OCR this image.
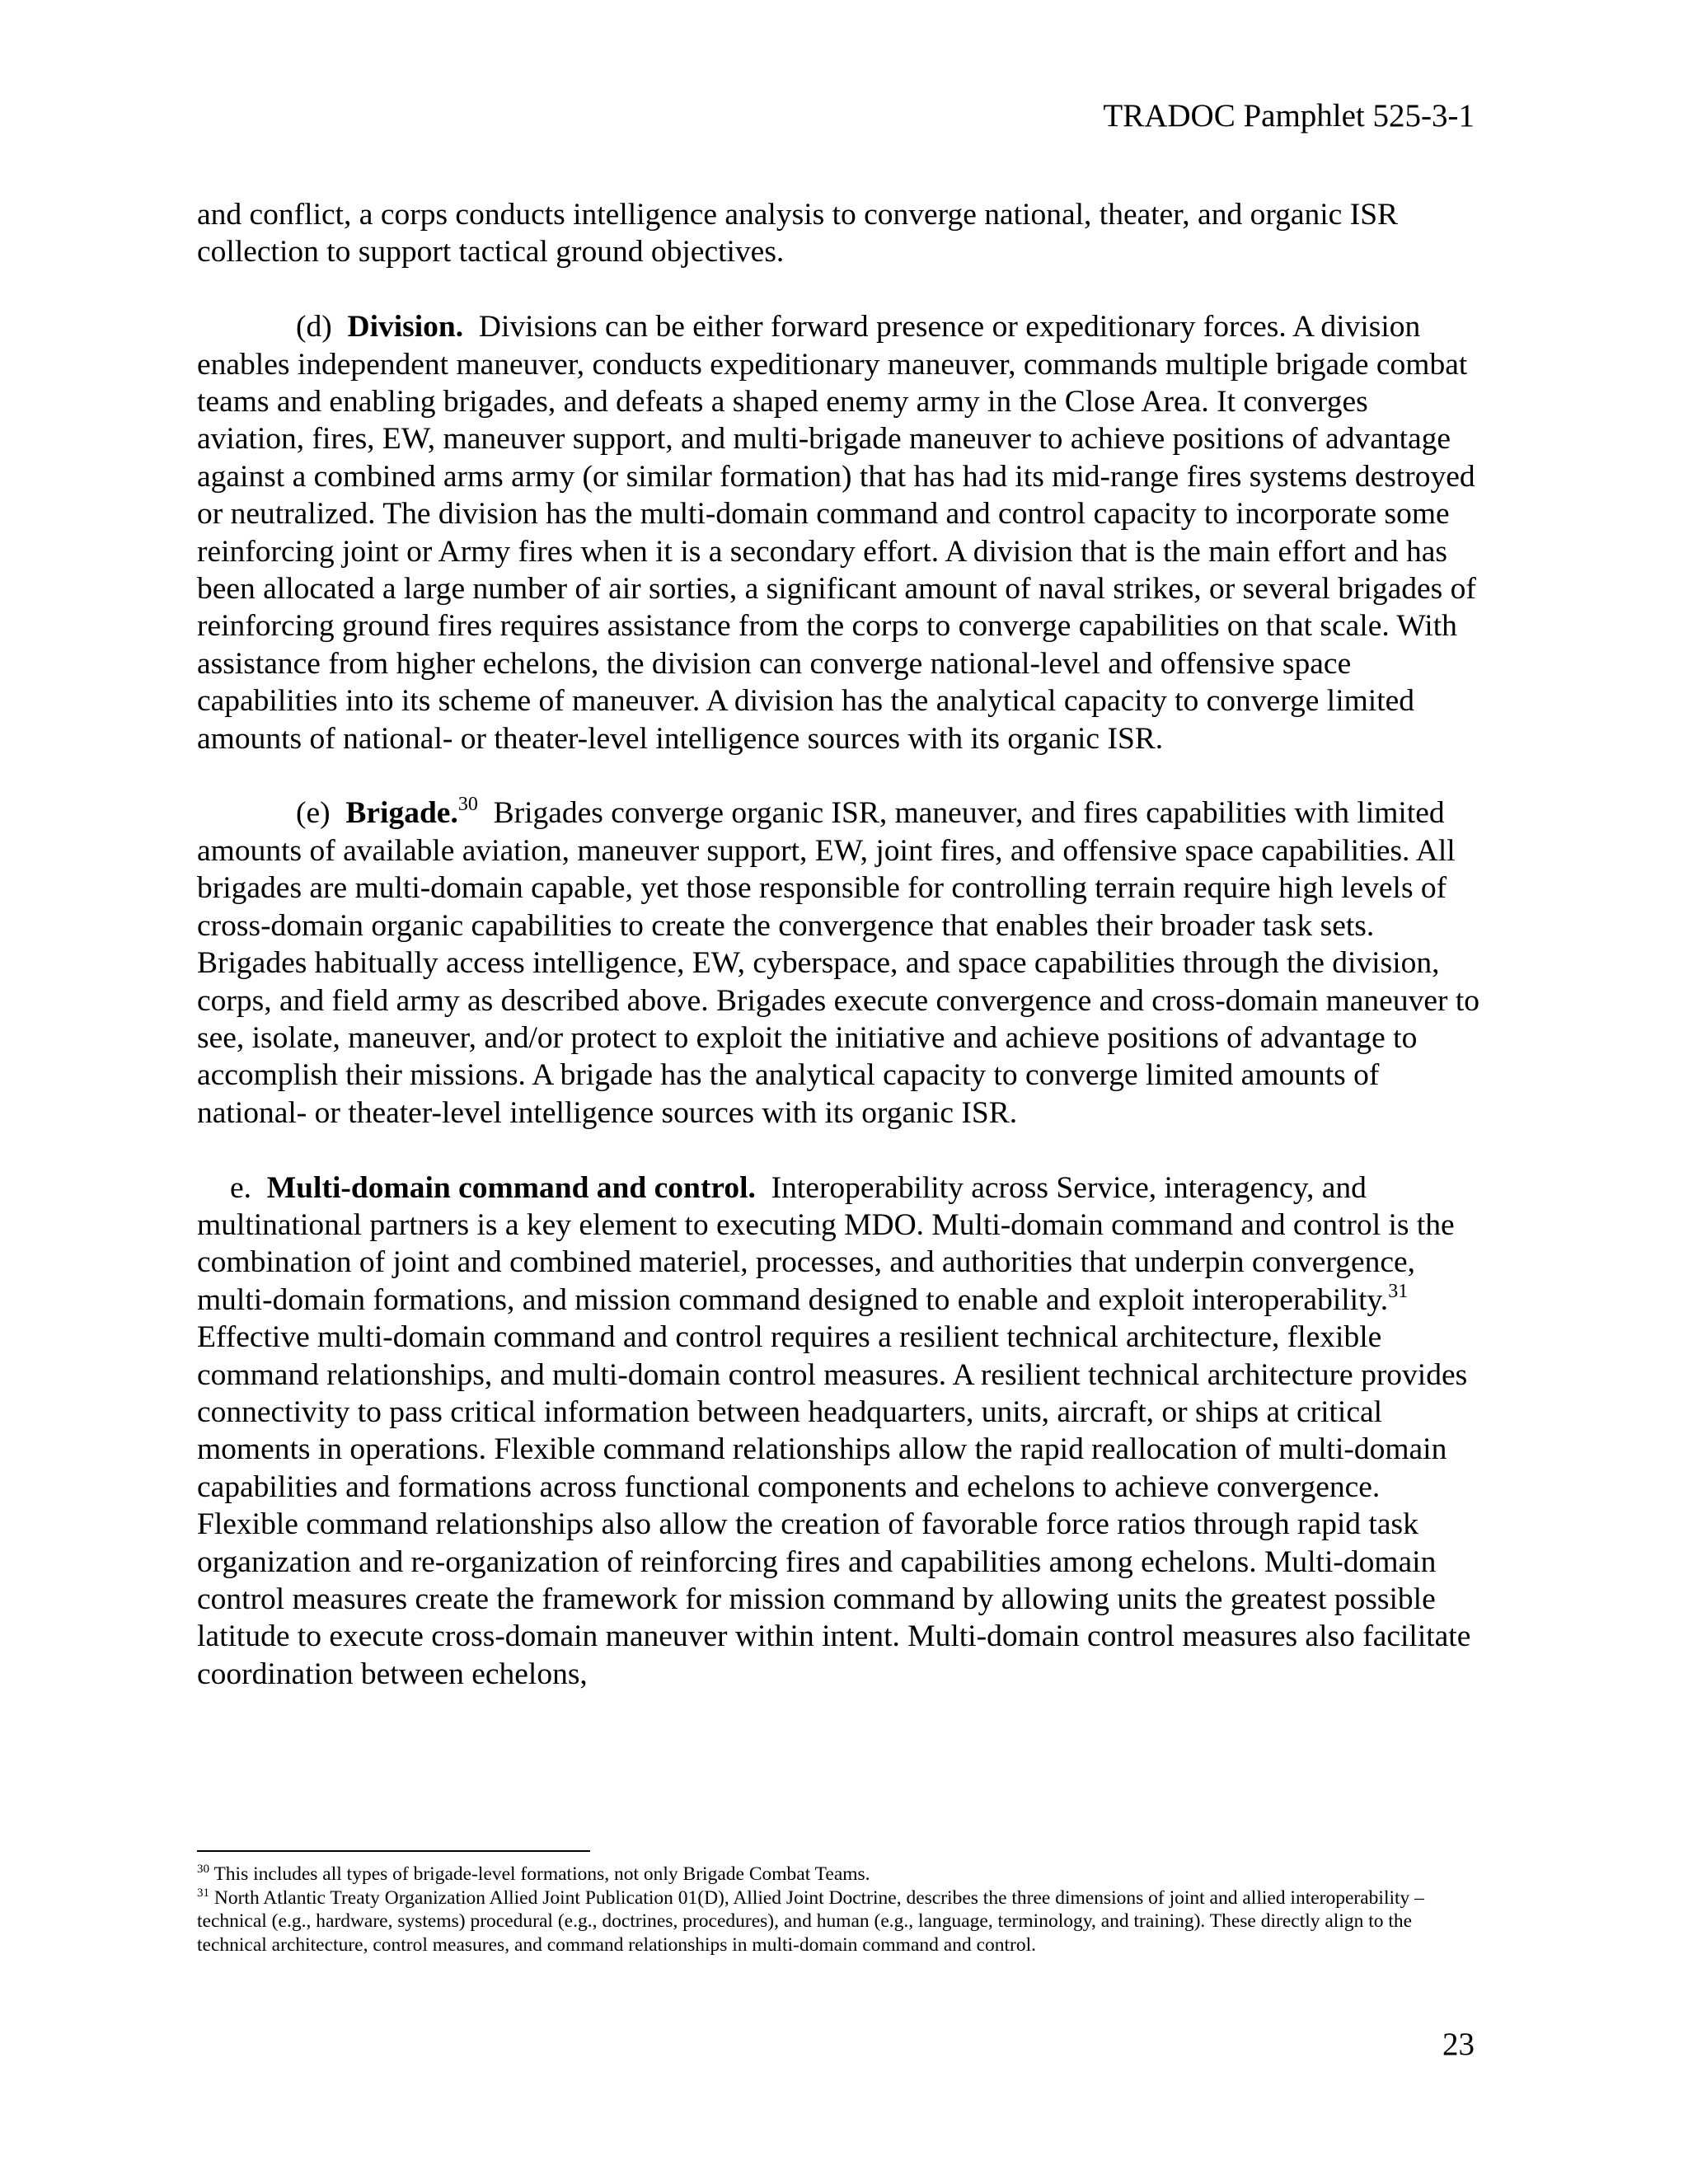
TRADOC Pamphlet 525-3-1

and conflict, a corps conducts intelligence analysis to converge national, theater, and organic ISR collection to support tactical ground objectives.

(d) Division. Divisions can be either forward presence or expeditionary forces. A division enables independent maneuver, conducts expeditionary maneuver, commands multiple brigade combat teams and enabling brigades, and defeats a shaped enemy army in the Close Area. It converges aviation, fires, EW, maneuver support, and multi-brigade maneuver to achieve positions of advantage against a combined arms army (or similar formation) that has had its mid-range fires systems destroyed or neutralized. The division has the multi-domain command and control capacity to incorporate some reinforcing joint or Army fires when it is a secondary effort. A division that is the main effort and has been allocated a large number of air sorties, a significant amount of naval strikes, or several brigades of reinforcing ground fires requires assistance from the corps to converge capabilities on that scale. With assistance from higher echelons, the division can converge national-level and offensive space capabilities into its scheme of maneuver. A division has the analytical capacity to converge limited amounts of national- or theater-level intelligence sources with its organic ISR.

(e) Brigade.$^{30}$ Brigades converge organic ISR, maneuver, and fires capabilities with limited amounts of available aviation, maneuver support, EW, joint fires, and offensive space capabilities. All brigades are multi-domain capable, yet those responsible for controlling terrain require high levels of cross-domain organic capabilities to create the convergence that enables their broader task sets. Brigades habitually access intelligence, EW, cyberspace, and space capabilities through the division, corps, and field army as described above. Brigades execute convergence and cross-domain maneuver to see, isolate, maneuver, and/or protect to exploit the initiative and achieve positions of advantage to accomplish their missions. A brigade has the analytical capacity to converge limited amounts of national- or theater-level intelligence sources with its organic ISR.

e. Multi-domain command and control. Interoperability across Service, interagency, and multinational partners is a key element to executing MDO. Multi-domain command and control is the combination of joint and combined materiel, processes, and authorities that underpin convergence, multi-domain formations, and mission command designed to enable and exploit interoperability.$^{31}$  Effective multi-domain command and control requires a resilient technical architecture, flexible command relationships, and multi-domain control measures. A resilient technical architecture provides connectivity to pass critical information between headquarters, units, aircraft, or ships at critical moments in operations. Flexible command relationships allow the rapid reallocation of multi-domain capabilities and formations across functional components and echelons to achieve convergence. Flexible command relationships also allow the creation of favorable force ratios through rapid task organization and re-organization of reinforcing fires and capabilities among echelons. Multi-domain control measures create the framework for mission command by allowing units the greatest possible latitude to execute cross-domain maneuver within intent. Multi-domain control measures also facilitate coordination between echelons,

$^{30}$ This includes all types of brigade-level formations, not only Brigade Combat Teams.

$^{31}$ North Atlantic Treaty Organization Allied Joint Publication 01(D), Allied Joint Doctrine, describes the three dimensions of joint and allied interoperability – technical (e.g., hardware, systems) procedural (e.g., doctrines, procedures), and human (e.g., language, terminology, and training). These directly align to the technical architecture, control measures, and command relationships in multi-domain command and control.

23
